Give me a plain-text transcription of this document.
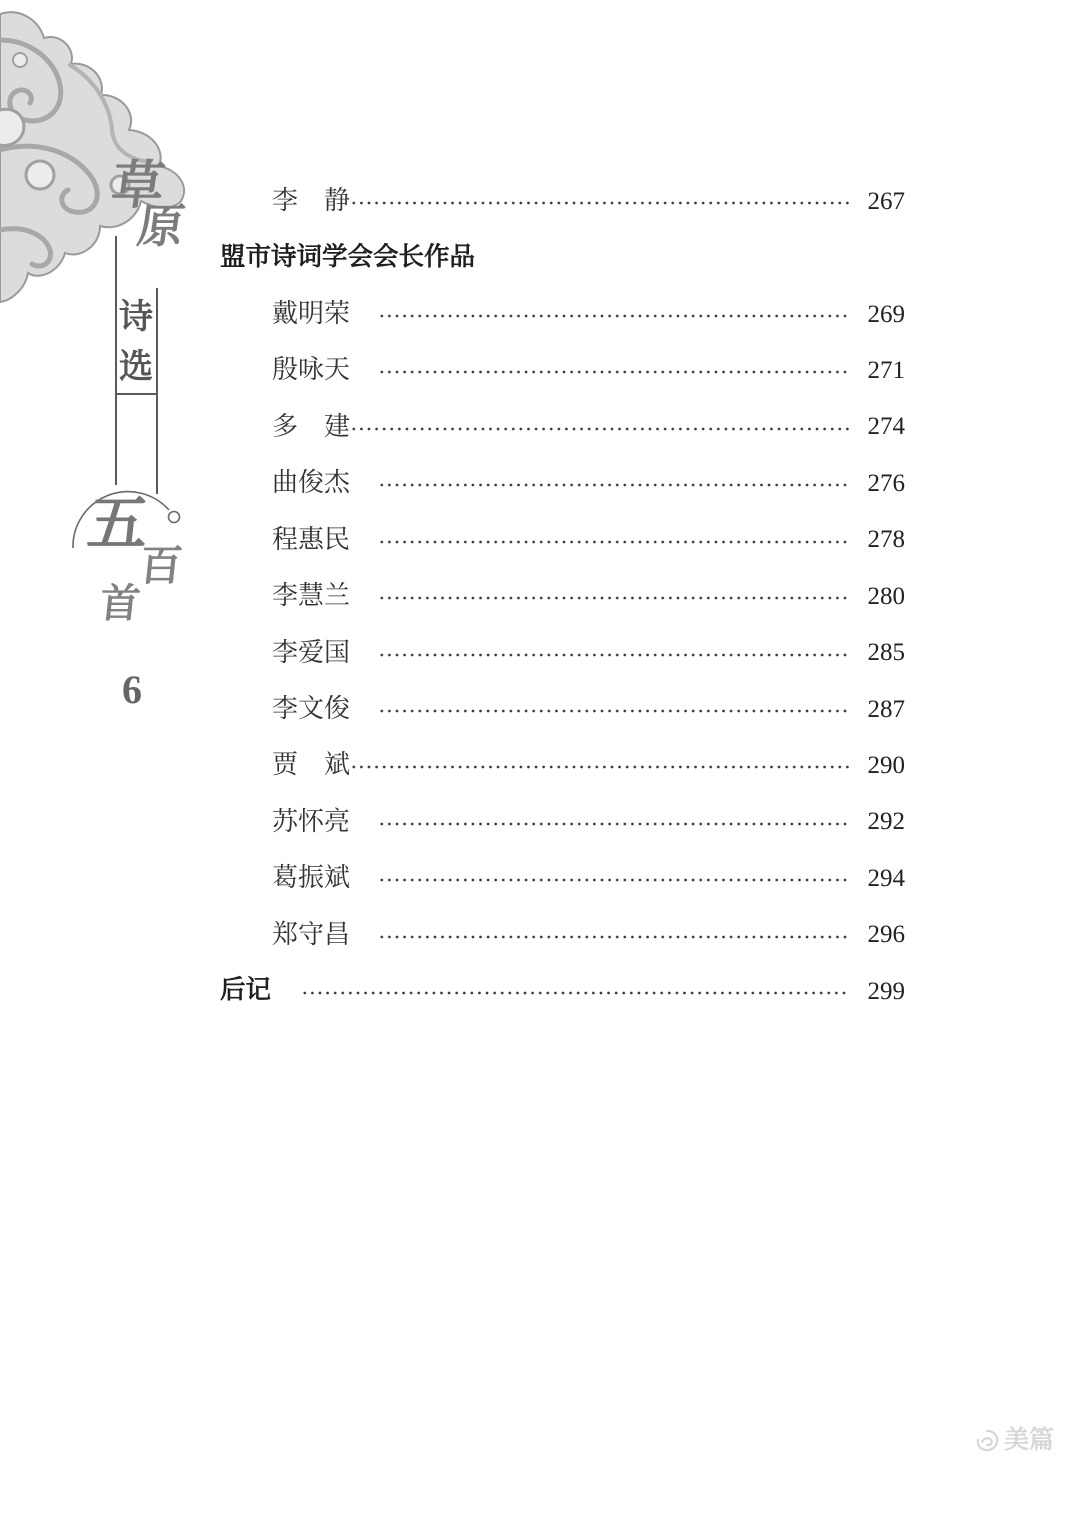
草
原
诗
选
五
百
首
6
李　静	267
盟市诗词学会会长作品
戴明荣	269
殷咏天	271
多　建	274
曲俊杰	276
程惠民	278
李慧兰	280
李爱国	285
李文俊	287
贾　斌	290
苏怀亮	292
葛振斌	294
郑守昌	296
后记	299
美篇
